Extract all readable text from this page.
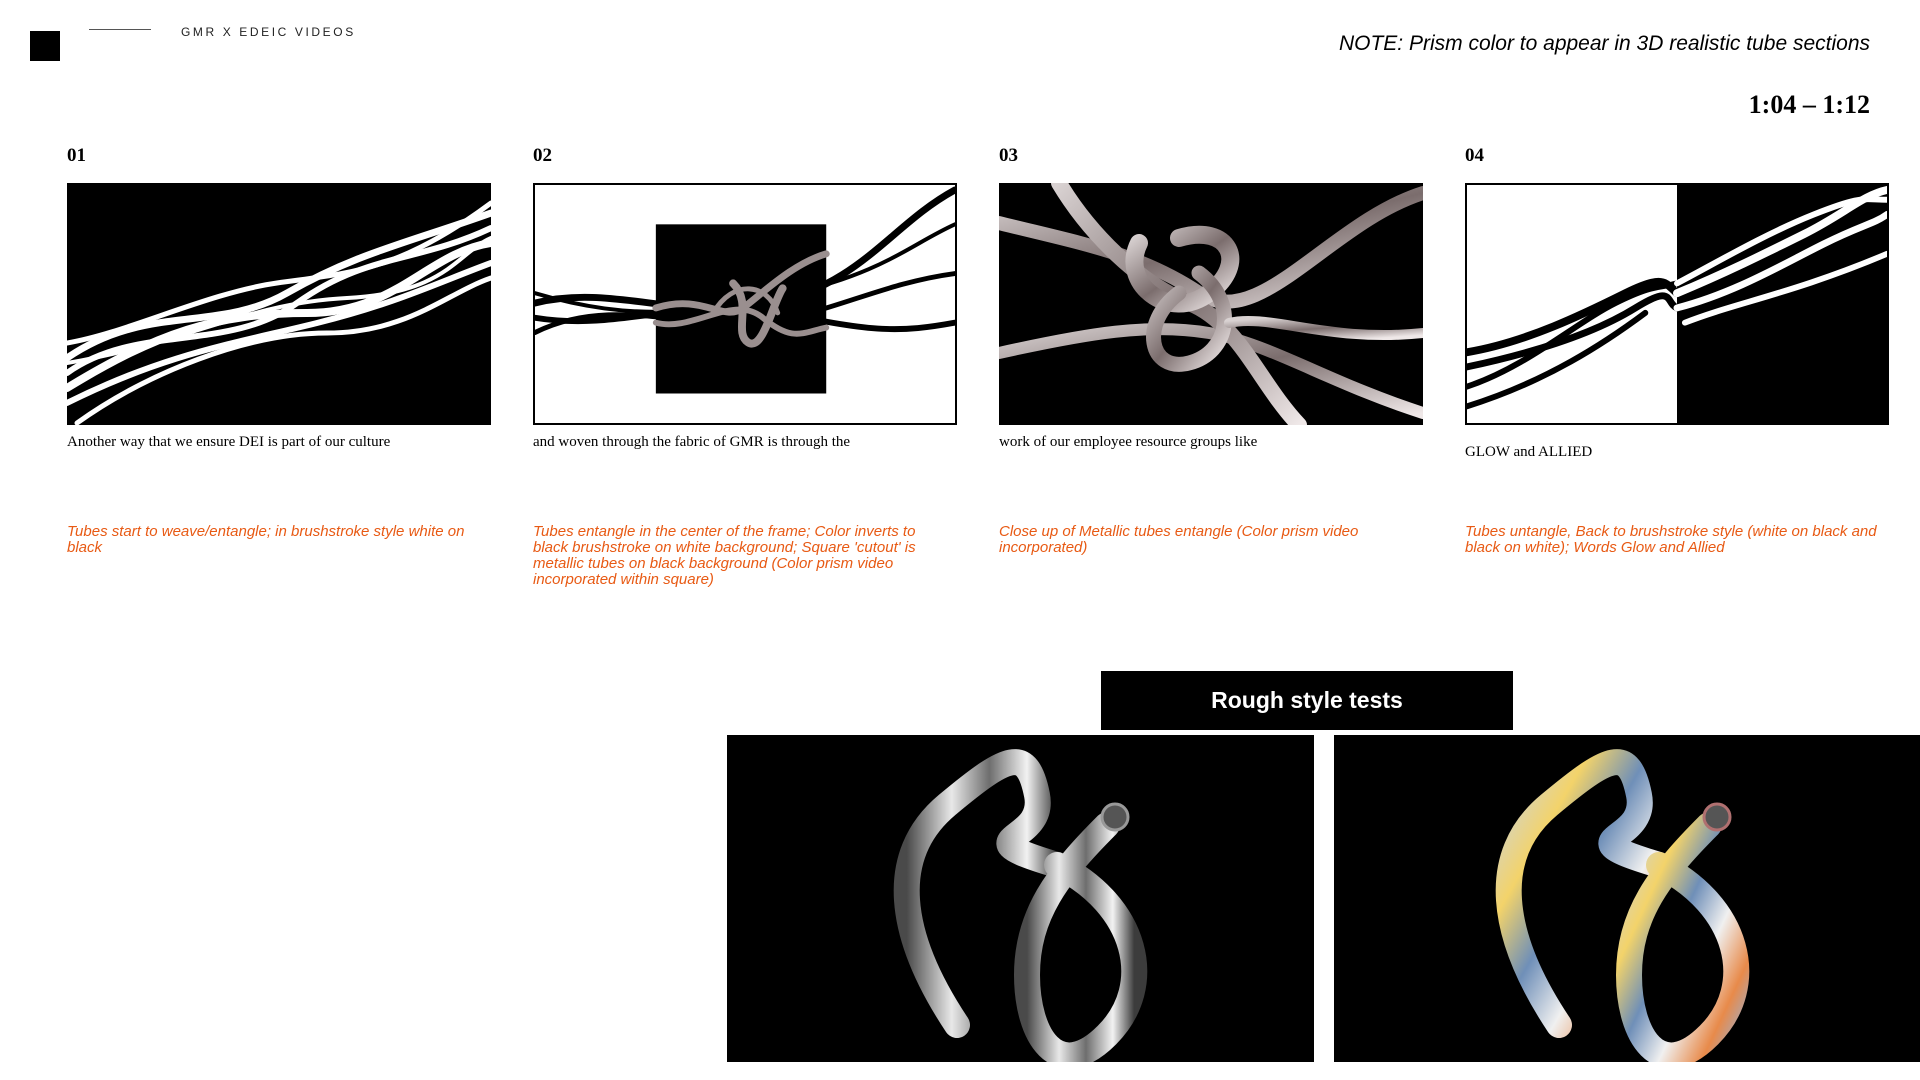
GMR X EDEIC VIDEOS	NOTE: Prism color to appear in 3D realistic tube sections
1:04 – 1:12
01
Another way that we ensure DEI is part of our culture
Tubes start to weave/entangle; in brushstroke style white on black
02
and woven through the fabric of GMR is through the
Tubes entangle in the center of the frame; Color inverts to black brushstroke on white background; Square 'cutout' is metallic tubes on black background (Color prism video incorporated within square)
03
work of our employee resource groups like
Close up of Metallic tubes entangle (Color prism video incorporated)
04
GLOW and ALLIED
Tubes untangle, Back to brushstroke style (white on black and black on white); Words Glow and Allied
Rough style tests
